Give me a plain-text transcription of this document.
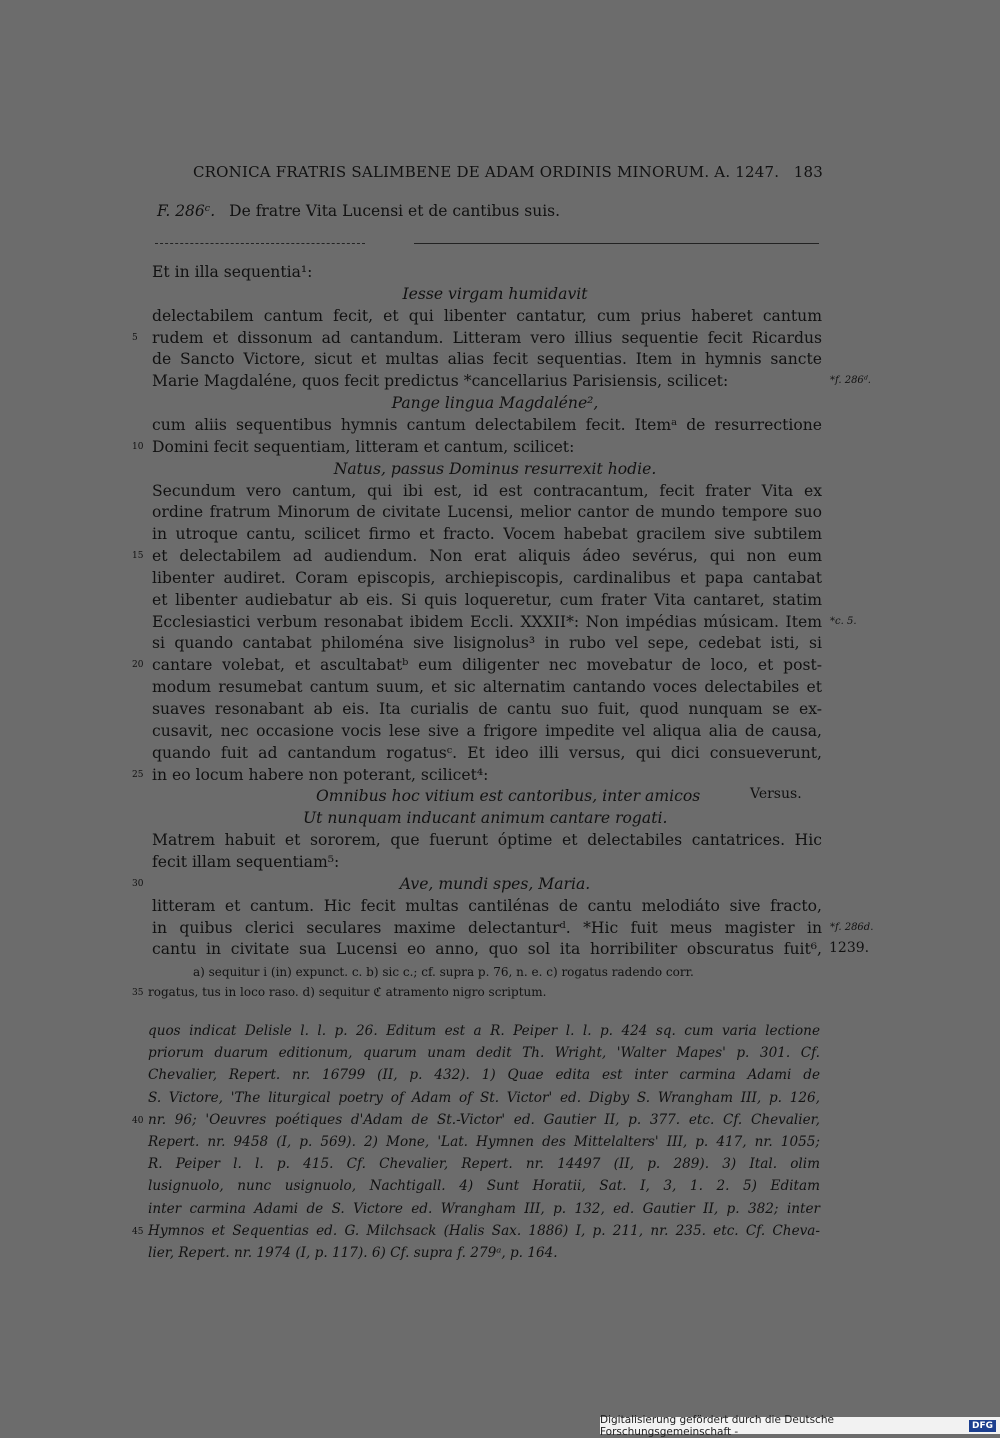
CRONICA FRATRIS SALIMBENE DE ADAM ORDINIS MINORUM. A. 1247. 183
F. 286ᶜ. De fratre Vita Lucensi et de cantibus suis.
Et in illa sequentia¹:
Iesse virgam humidavit
delectabilem cantum fecit, et qui libenter cantatur, cum prius haberet cantum
rudem et dissonum ad cantandum. Litteram vero illius sequentie fecit Ricardus
5
de Sancto Victore, sicut et multas alias fecit sequentias. Item in hymnis sancte
Marie Magdaléne, quos fecit predictus *cancellarius Parisiensis, scilicet:	*f. 286ᵈ.
Pange lingua Magdaléne²,
cum aliis sequentibus hymnis cantum delectabilem fecit. Itemᵃ de resurrectione
Domini fecit sequentiam, litteram et cantum, scilicet:
10
Natus, passus Dominus resurrexit hodie.
Secundum vero cantum, qui ibi est, id est contracantum, fecit frater Vita ex
ordine fratrum Minorum de civitate Lucensi, melior cantor de mundo tempore suo
in utroque cantu, scilicet firmo et fracto. Vocem habebat gracilem sive subtilem
et delectabilem ad audiendum. Non erat aliquis ádeo sevérus, qui non eum
15
libenter audiret. Coram episcopis, archiepiscopis, cardinalibus et papa cantabat
et libenter audiebatur ab eis. Si quis loqueretur, cum frater Vita cantaret, statim
Ecclesiastici verbum resonabat ibidem Eccli. XXXII*: Non impédias músicam. Item *c. 5.
si quando cantabat philoména sive lisignolus³ in rubo vel sepe, cedebat isti, si
cantare volebat, et ascultabatᵇ eum diligenter nec movebatur de loco, et post-
20
modum resumebat cantum suum, et sic alternatim cantando voces delectabiles et
suaves resonabant ab eis. Ita curialis de cantu suo fuit, quod nunquam se ex-
cusavit, nec occasione vocis lese sive a frigore impedite vel aliqua alia de causa,
quando fuit ad cantandum rogatusᶜ. Et ideo illi versus, qui dici consueverunt,
in eo locum habere non poterant, scilicet⁴:
25
Omnibus hoc vitium est cantoribus, inter amicos	Versus.
Ut nunquam inducant animum cantare rogati.
Matrem habuit et sororem, que fuerunt óptime et delectabiles cantatrices. Hic
fecit illam sequentiam⁵:
Ave, mundi spes, Maria.
30
litteram et cantum. Hic fecit multas cantilénas de cantu melodiáto sive fracto,
in quibus clerici seculares maxime delectanturᵈ. *Hic fuit meus magister in *f. 286d.
cantu in civitate sua Lucensi eo anno, quo sol ita horribiliter obscuratus fuit⁶, 1239.
a) sequitur i (in) expunct. c. b) sic c.; cf. supra p. 76, n. e. c) rogatus radendo corr.
rogatus, tus in loco raso. d) sequitur ℭ atramento nigro scriptum.
35
quos indicat Delisle l. l. p. 26. Editum est a R. Peiper l. l. p. 424 sq. cum varia lectione
priorum duarum editionum, quarum unam dedit Th. Wright, 'Walter Mapes' p. 301. Cf.
Chevalier, Repert. nr. 16799 (II, p. 432). 1) Quae edita est inter carmina Adami de
S. Victore, 'The liturgical poetry of Adam of St. Victor' ed. Digby S. Wrangham III, p. 126,
nr. 96; 'Oeuvres poétiques d'Adam de St.-Victor' ed. Gautier II, p. 377. etc. Cf. Chevalier,
40
Repert. nr. 9458 (I, p. 569). 2) Mone, 'Lat. Hymnen des Mittelalters' III, p. 417, nr. 1055;
R. Peiper l. l. p. 415. Cf. Chevalier, Repert. nr. 14497 (II, p. 289). 3) Ital. olim
lusignuolo, nunc usignuolo, Nachtigall. 4) Sunt Horatii, Sat. I, 3, 1. 2. 5) Editam
inter carmina Adami de S. Victore ed. Wrangham III, p. 132, ed. Gautier II, p. 382; inter
Hymnos et Sequentias ed. G. Milchsack (Halis Sax. 1886) I, p. 211, nr. 235. etc. Cf. Cheva-
45
lier, Repert. nr. 1974 (I, p. 117). 6) Cf. supra f. 279ᵃ, p. 164.
Digitalisierung gefördert durch die Deutsche Forschungsgemeinschaft -	DFG
